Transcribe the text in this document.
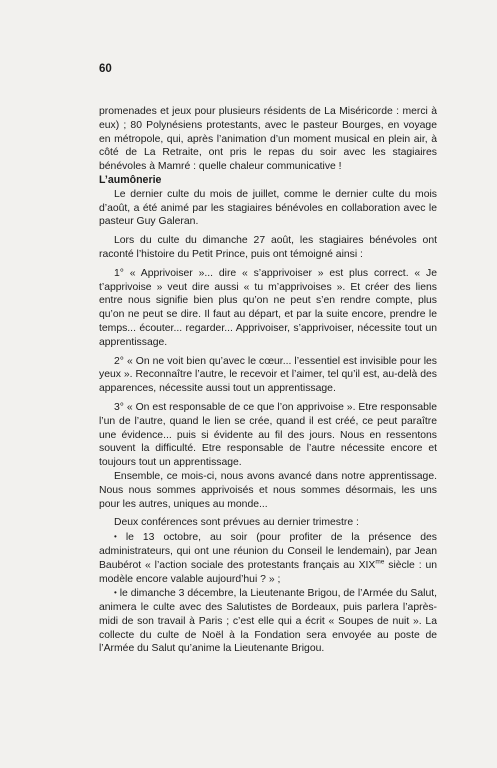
60

promenades et jeux pour plusieurs résidents de La Miséricorde : merci à eux) ; 80 Polynésiens protestants, avec le pasteur Bourges, en voyage en métropole, qui, après l’animation d’un moment musical en plein air, à côté de La Retraite, ont pris le repas du soir avec les stagiaires bénévoles à Mamré : quelle chaleur communicative !

L’aumônerie

Le dernier culte du mois de juillet, comme le dernier culte du mois d’août, a été animé par les stagiaires bénévoles en collaboration avec le pasteur Guy Galeran.

Lors du culte du dimanche 27 août, les stagiaires bénévoles ont raconté l’histoire du Petit Prince, puis ont témoigné ainsi :

1° « Apprivoiser »... dire « s’apprivoiser » est plus correct. « Je t’apprivoise » veut dire aussi « tu m’apprivoises ». Et créer des liens entre nous signifie bien plus qu’on ne peut s’en rendre compte, plus qu’on ne peut se dire. Il faut au départ, et par la suite encore, prendre le temps... écouter... regarder... Apprivoiser, s’apprivoiser, nécessite tout un apprentissage.

2° « On ne voit bien qu’avec le cœur... l’essentiel est invisible pour les yeux ». Reconnaître l’autre, le recevoir et l’aimer, tel qu’il est, au-delà des apparences, nécessite aussi tout un apprentissage.

3° « On est responsable de ce que l’on apprivoise ». Etre responsable l’un de l’autre, quand le lien se crée, quand il est créé, ce peut paraître une évidence... puis si évidente au fil des jours. Nous en ressentons souvent la difficulté. Etre responsable de l’autre nécessite encore et toujours tout un apprentissage.

Ensemble, ce mois-ci, nous avons avancé dans notre apprentissage. Nous nous sommes apprivoisés et nous sommes désormais, les uns pour les autres, uniques au monde...

Deux conférences sont prévues au dernier trimestre :

• le 13 octobre, au soir (pour profiter de la présence des administrateurs, qui ont une réunion du Conseil le lendemain), par Jean Baubérot « l’action sociale des protestants français au $XIX^{me}$ siècle : un modèle encore valable aujourd’hui ? » ;

• le dimanche 3 décembre, la Lieutenante Brigou, de l’Armée du Salut, animera le culte avec des Salutistes de Bordeaux, puis parlera l’après-midi de son travail à Paris ; c’est elle qui a écrit « Soupes de nuit ». La collecte du culte de Noël à la Fondation sera envoyée au poste de l’Armée du Salut qu’anime la Lieutenante Brigou.
